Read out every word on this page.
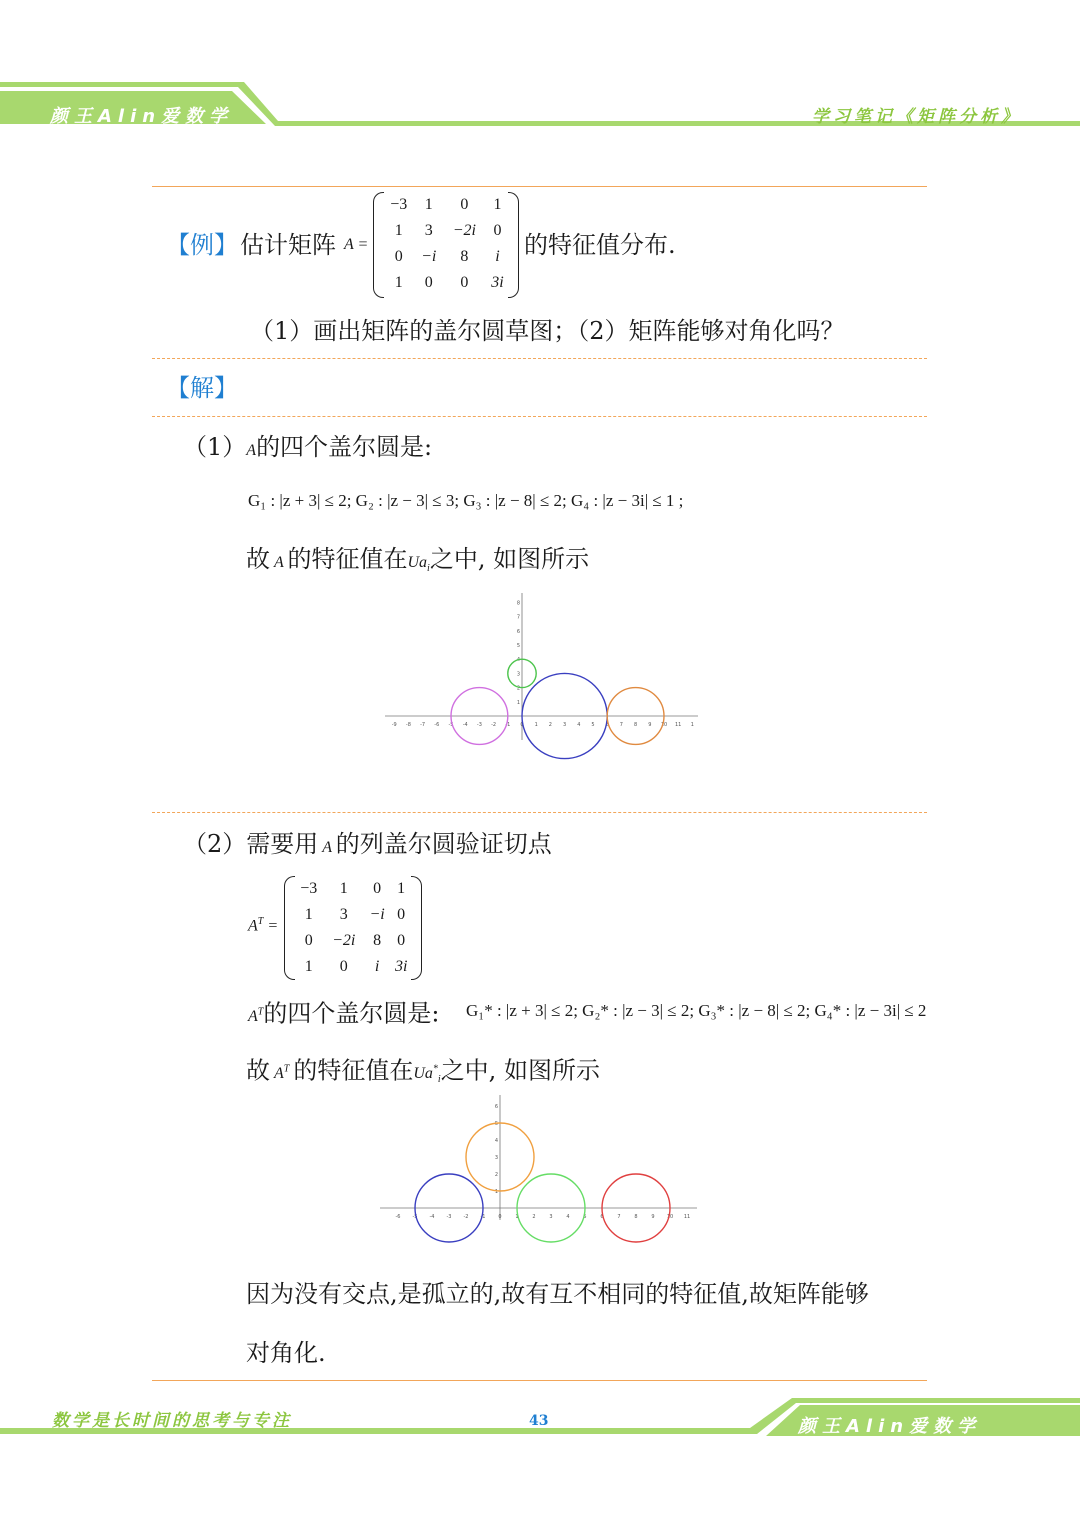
颜王Alin爱数学	学习笔记《矩阵分析》
【例】 估计矩阵 A =
−3	1	0	1
1	3	−2i	0
0	−i	8	i
1	0	0	3i
的特征值分布.
（1）画出矩阵的盖尔圆草图；（2）矩阵能够对角化吗？
【解】
（1）A的四个盖尔圆是:
G₁ : |z + 3| ≤ 2; G₂ : |z − 3| ≤ 3; G₃ : |z − 8| ≤ 2; G₄ : |z − 3i| ≤ 1 ;
故 A 的特征值在$Ua_i$之中, 如图所示
-9 -8 -7 -6 -5 -4 -3 -2 -1 0 1 2 3 4 5 6 7 8 9 10 11 1
8
7
6
5
4
3
2
1
（2）需要用 A 的列盖尔圆验证切点
$A^T$ =
−3	1	0	1
1	3	−i	0
0	−2i	8	0
1	0	i	3i
$A^T$的四个盖尔圆是: G₁* : |z + 3| ≤ 2; G₂* : |z − 3| ≤ 2; G₃* : |z − 8| ≤ 2; G₄* : |z − 3i| ≤ 2
故 $A^T$ 的特征值在$Ua^*_i$之中, 如图所示
-6 -5 -4 -3 -2 -1	0	1	2	3	4	5	6	7	8	9 10 11
6
5
4
3
2
1
因为没有交点,是孤立的,故有互不相同的特征值,故矩阵能够
对角化.
数学是长时间的思考与专注	43	颜王Alin爱数学
